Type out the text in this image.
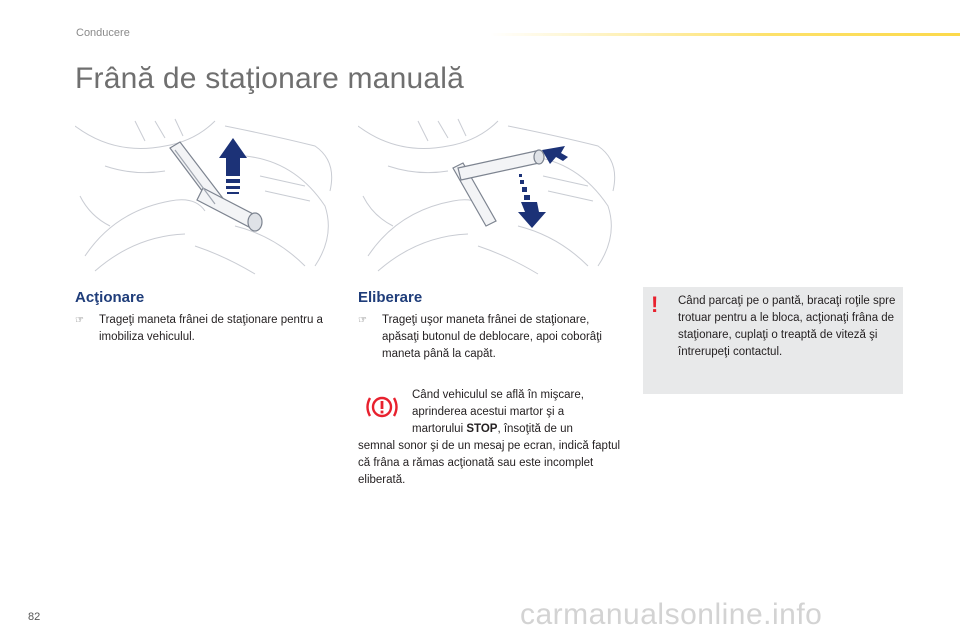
Conducere
Frână de staţionare manuală
Acţionare
☞	Trageţi maneta frânei de staţionare pentru a imobiliza vehiculul.
Eliberare
☞	Trageţi uşor maneta frânei de staţionare, apăsaţi butonul de deblocare, apoi coborâţi maneta până la capăt.
Când vehiculul se află în mişcare,
aprinderea acestui martor şi a
martorului STOP, însoţită de un
semnal sonor şi de un mesaj pe ecran, indică faptul că frâna a rămas acţionată sau este incomplet eliberată.
! Când parcaţi pe o pantă, bracaţi roţile spre trotuar pentru a le bloca, acţionaţi frâna de staţionare, cuplaţi o treaptă de viteză şi întrerupeţi contactul.
82	carmanualsonline.info
